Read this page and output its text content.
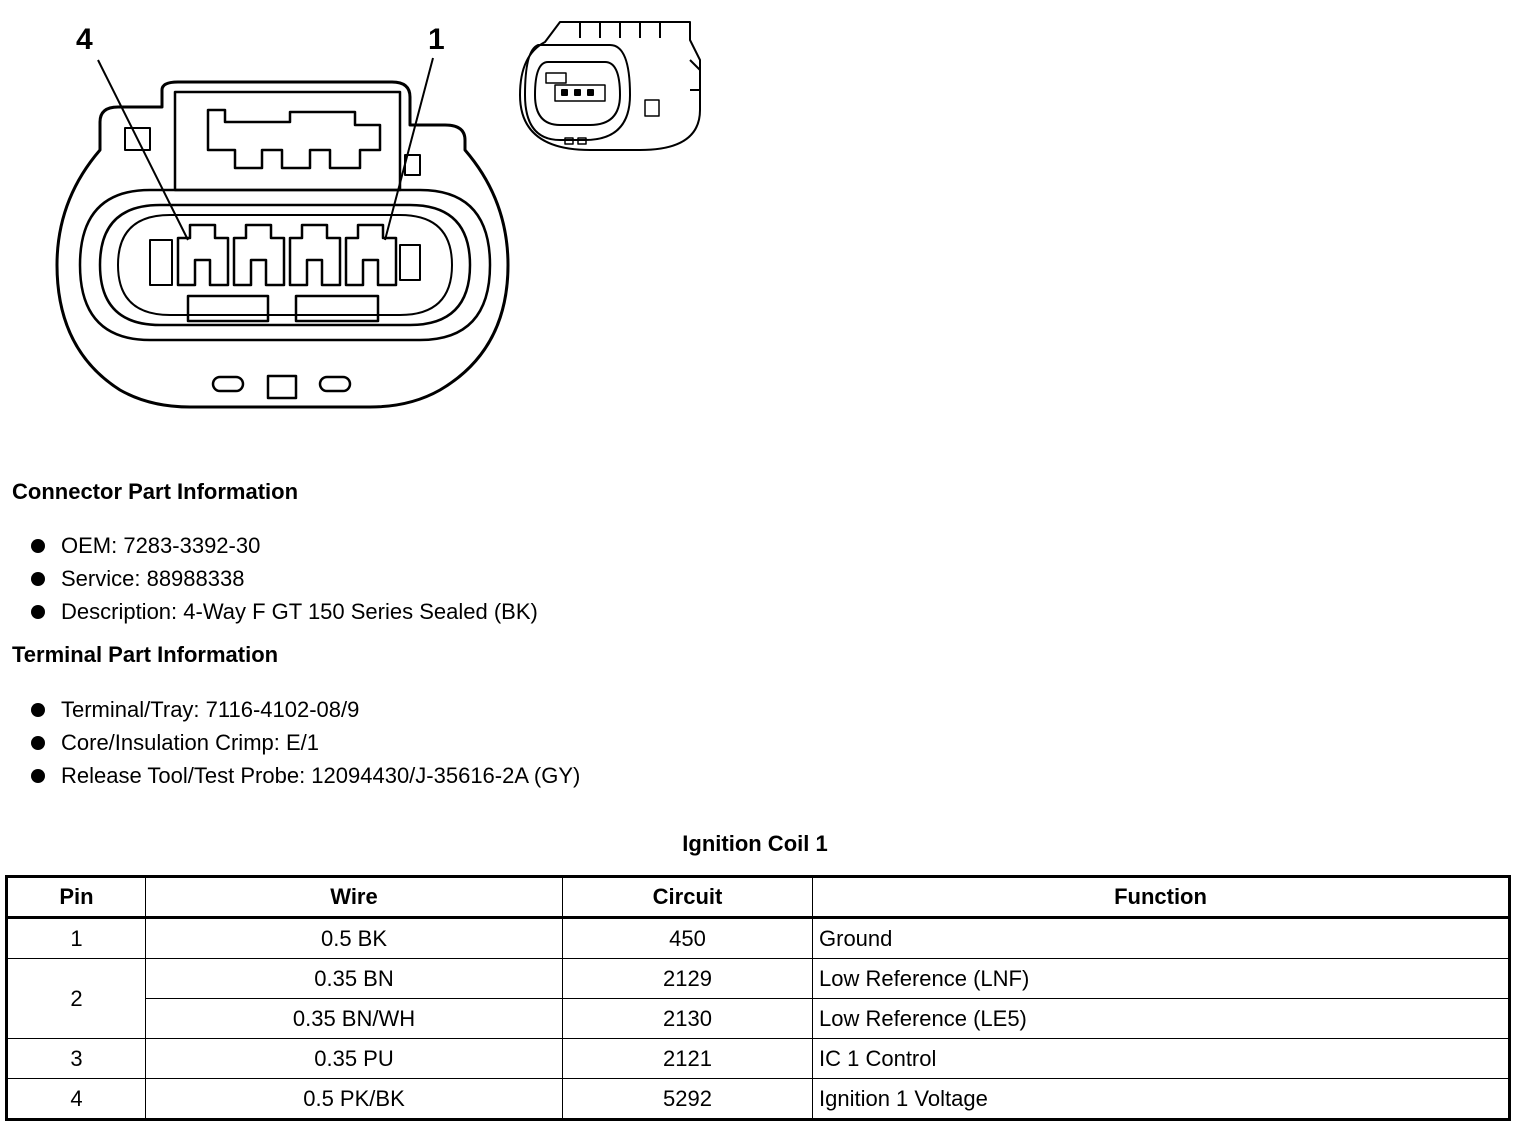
4	1
Connector Part Information
OEM: 7283-3392-30
Service: 88988338
Description: 4-Way F GT 150 Series Sealed (BK)
Terminal Part Information
Terminal/Tray: 7116-4102-08/9
Core/Insulation Crimp: E/1
Release Tool/Test Probe: 12094430/J-35616-2A (GY)
Ignition Coil 1
Pin	Wire	Circuit	Function
1	0.5 BK	450	Ground
2	0.35 BN	2129	Low Reference (LNF)
	0.35 BN/WH	2130	Low Reference (LE5)
3	0.35 PU	2121	IC 1 Control
4	0.5 PK/BK	5292	Ignition 1 Voltage
